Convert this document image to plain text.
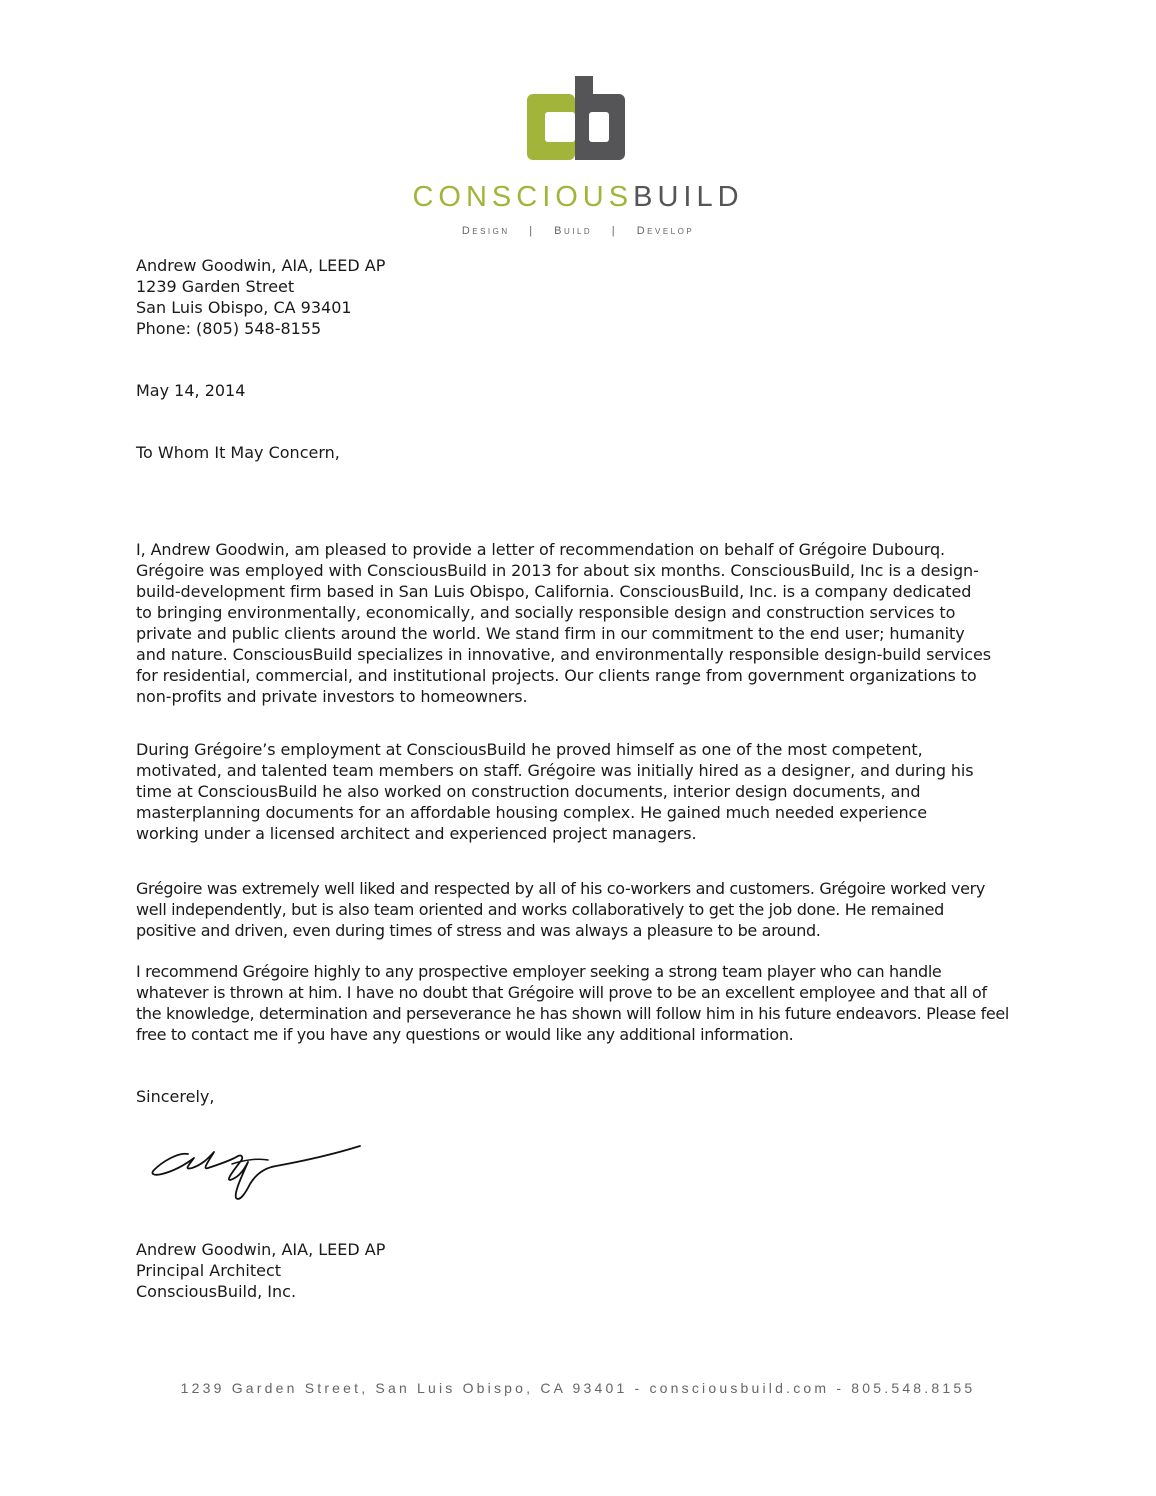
CONSCIOUSBUILD
Design | Build | Develop
Andrew Goodwin, AIA, LEED AP
1239 Garden Street
San Luis Obispo, CA 93401
Phone: (805) 548-8155
May 14, 2014
To Whom It May Concern,
I, Andrew Goodwin, am pleased to provide a letter of recommendation on behalf of Grégoire Dubourq.
Grégoire was employed with ConsciousBuild in 2013 for about six months. ConsciousBuild, Inc is a design-
build-development firm based in San Luis Obispo, California. ConsciousBuild, Inc. is a company dedicated
to bringing environmentally, economically, and socially responsible design and construction services to
private and public clients around the world. We stand firm in our commitment to the end user; humanity
and nature. ConsciousBuild specializes in innovative, and environmentally responsible design-build services
for residential, commercial, and institutional projects. Our clients range from government organizations to
non-profits and private investors to homeowners.
During Grégoire’s employment at ConsciousBuild he proved himself as one of the most competent,
motivated, and talented team members on staff. Grégoire was initially hired as a designer, and during his
time at ConsciousBuild he also worked on construction documents, interior design documents, and
masterplanning documents for an affordable housing complex. He gained much needed experience
working under a licensed architect and experienced project managers.
Grégoire was extremely well liked and respected by all of his co-workers and customers. Grégoire worked very
well independently, but is also team oriented and works collaboratively to get the job done. He remained
positive and driven, even during times of stress and was always a pleasure to be around.
I recommend Grégoire highly to any prospective employer seeking a strong team player who can handle
whatever is thrown at him. I have no doubt that Grégoire will prove to be an excellent employee and that all of
the knowledge, determination and perseverance he has shown will follow him in his future endeavors. Please feel
free to contact me if you have any questions or would like any additional information.
Sincerely,
Andrew Goodwin, AIA, LEED AP
Principal Architect
ConsciousBuild, Inc.
1239 Garden Street, San Luis Obispo, CA 93401 - consciousbuild.com - 805.548.8155
